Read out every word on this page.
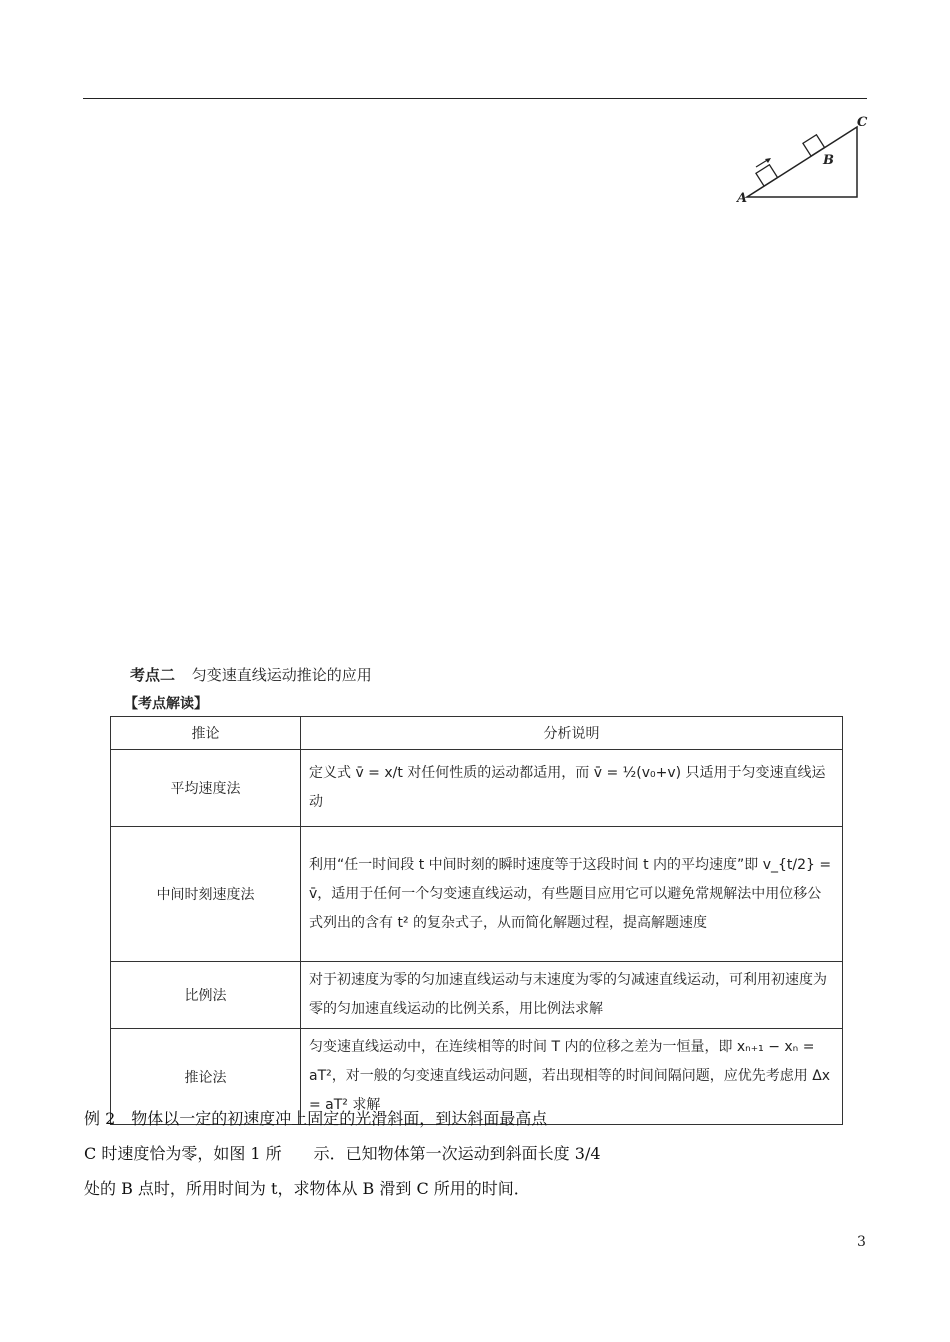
A
B
C
考点二 匀变速直线运动推论的应用
【考点解读】
推论	分析说明
平均速度法	定义式 v̄ = x/t 对任何性质的运动都适用，而 v̄ = ½(v₀+v) 只适用于匀变速直线运动
中间时刻速度法	利用“任一时间段 t 中间时刻的瞬时速度等于这段时间 t 内的平均速度”即 v_{t/2} = v̄，适用于任何一个匀变速直线运动，有些题目应用它可以避免常规解法中用位移公式列出的含有 t² 的复杂式子，从而简化解题过程，提高解题速度
比例法	对于初速度为零的匀加速直线运动与末速度为零的匀减速直线运动，可利用初速度为零的匀加速直线运动的比例关系，用比例法求解
推论法	匀变速直线运动中，在连续相等的时间 T 内的位移之差为一恒量，即 xₙ₊₁ − xₙ = aT²，对一般的匀变速直线运动问题，若出现相等的时间间隔问题，应优先考虑用 Δx = aT² 求解
例 2　物体以一定的初速度冲上固定的光滑斜面，到达斜面最高点
C 时速度恰为零，如图 1 所　　示．已知物体第一次运动到斜面长度 3/4
处的 B 点时，所用时间为 t，求物体从 B 滑到 C 所用的时间．
3
